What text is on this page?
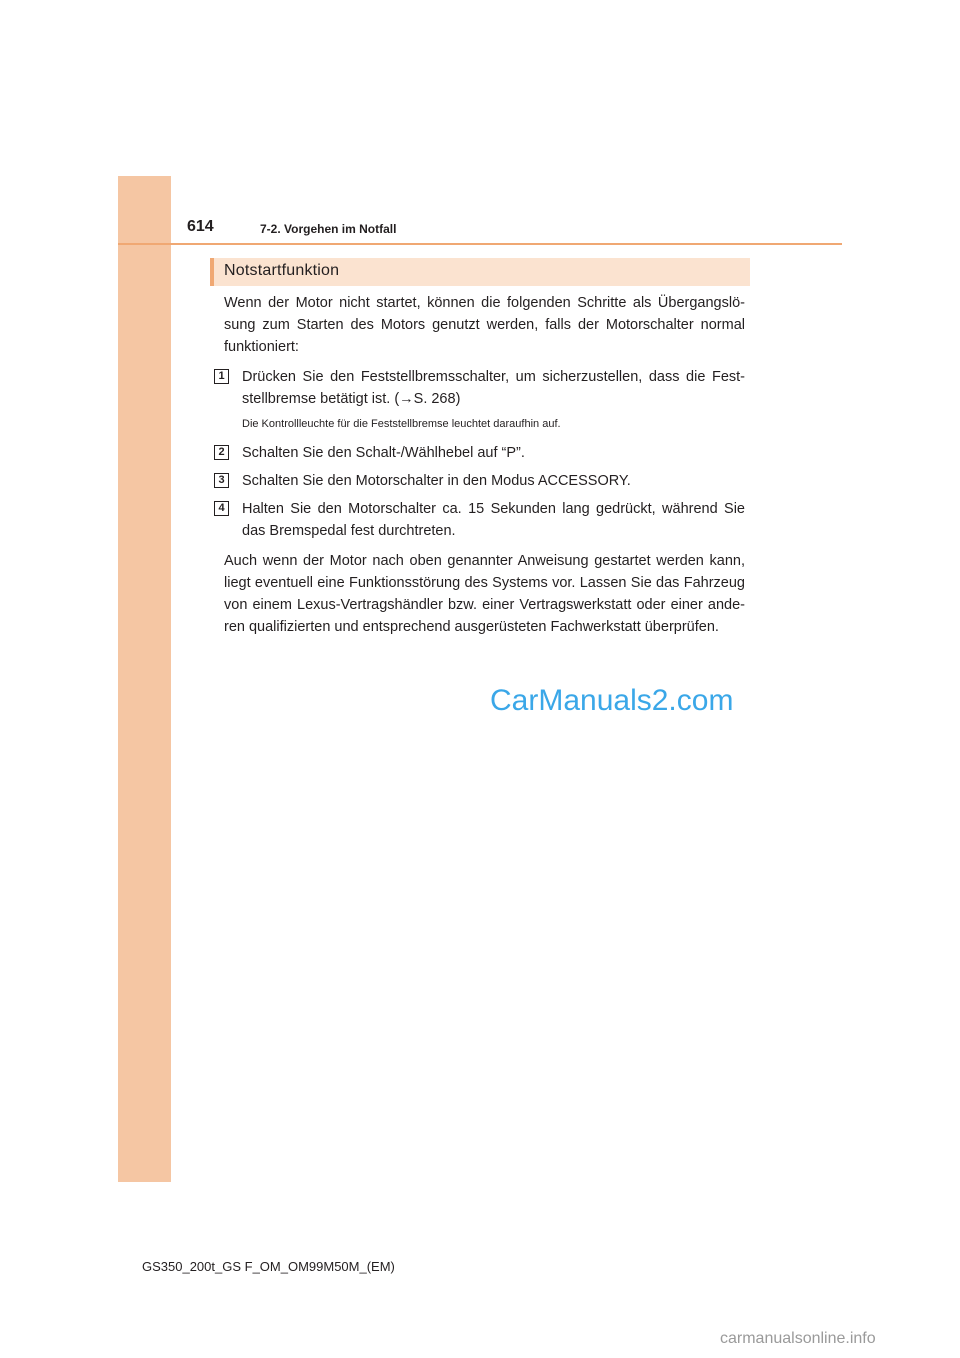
614	7-2. Vorgehen im Notfall
Notstartfunktion

Wenn der Motor nicht startet, können die folgenden Schritte als Übergangslö-sung zum Starten des Motors genutzt werden, falls der Motorschalter normal funktioniert:

1	Drücken Sie den Feststellbremsschalter, um sicherzustellen, dass die Fest-stellbremse betätigt ist. (→S. 268)
Die Kontrollleuchte für die Feststellbremse leuchtet daraufhin auf.
2	Schalten Sie den Schalt-/Wählhebel auf “P”.
3	Schalten Sie den Motorschalter in den Modus ACCESSORY.
4	Halten Sie den Motorschalter ca. 15 Sekunden lang gedrückt, während Sie das Bremspedal fest durchtreten.

Auch wenn der Motor nach oben genannter Anweisung gestartet werden kann, liegt eventuell eine Funktionsstörung des Systems vor. Lassen Sie das Fahrzeug von einem Lexus-Vertragshändler bzw. einer Vertragswerkstatt oder einer ande-ren qualifizierten und entsprechend ausgerüsteten Fachwerkstatt überprüfen.

CarManuals2.com
GS350_200t_GS F_OM_OM99M50M_(EM)
carmanualsonline.info
